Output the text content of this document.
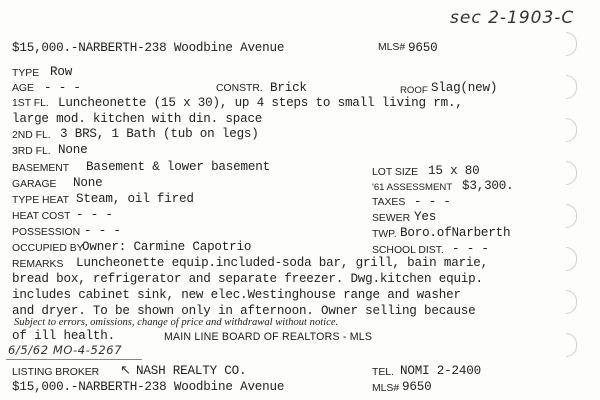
sec 2-1903-C
$15,000.-NARBERTH-238 Woodbine Avenue	MLS# 9650
TYPE Row
AGE - - -	CONSTR. Brick	ROOF Slag(new)
1ST FL. Luncheonette (15 x 30), up 4 steps to small living rm.,
large mod. kitchen with din. space
2ND FL. 3 BRS, 1 Bath (tub on legs)
3RD FL. None
BASEMENT Basement & lower basement	LOT SIZE 15 x 80
GARAGE None	'61 ASSESSMENT $3,300.
TYPE HEAT Steam, oil fired	TAXES - - -
HEAT COST - - -	SEWER Yes
POSSESSION - - -	TWP. Boro.ofNarberth
OCCUPIED BY
Owner: Carmine Capotrio	SCHOOL DIST. - - -
REMARKS Luncheonette equip.included-soda bar, grill, bain marie,
bread box, refrigerator and separate freezer. Dwg.kitchen equip.
includes cabinet sink, new elec.Westinghouse range and washer
and dryer. To be shown only in afternoon. Owner selling because
Subject to errors, omissions, change of price and withdrawal without notice.
of ill health.	MAIN LINE BOARD OF REALTORS - MLS
6/5/62 MO-4-5267
LISTING BROKER ↖ NASH REALTY CO.	TEL. NOMI 2-2400
$15,000.-NARBERTH-238 Woodbine Avenue	MLS# 9650
